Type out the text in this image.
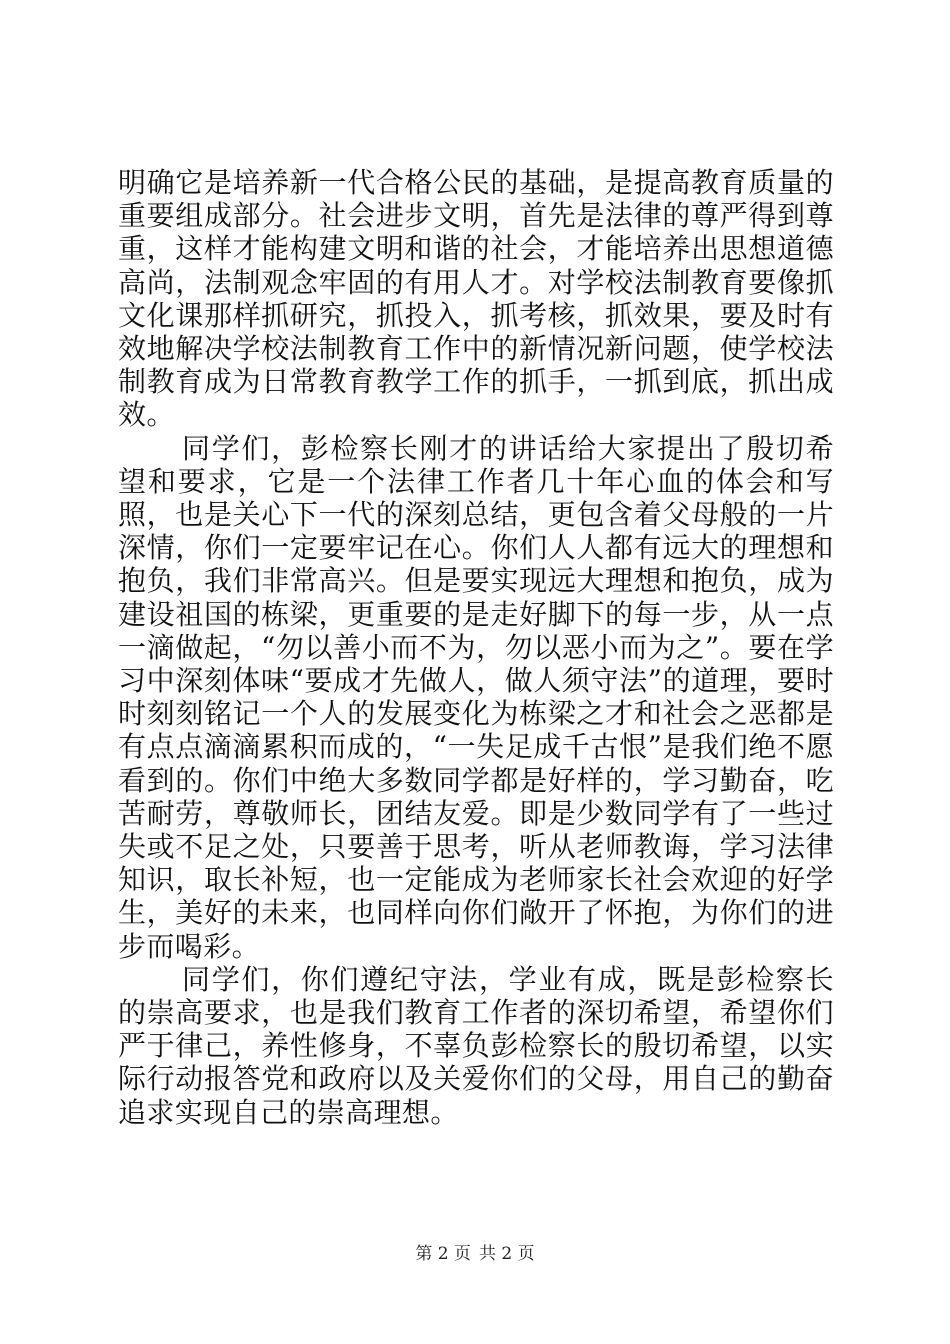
明确它是培养新一代合格公民的基础，是提高教育质量的重要组成部分。社会进步文明，首先是法律的尊严得到尊重，这样才能构建文明和谐的社会，才能培养出思想道德高尚，法制观念牢固的有用人才。对学校法制教育要像抓文化课那样抓研究，抓投入，抓考核，抓效果，要及时有效地解决学校法制教育工作中的新情况新问题，使学校法制教育成为日常教育教学工作的抓手，一抓到底，抓出成效。

同学们，彭检察长刚才的讲话给大家提出了殷切希望和要求，它是一个法律工作者几十年心血的体会和写照，也是关心下一代的深刻总结，更包含着父母般的一片深情，你们一定要牢记在心。你们人人都有远大的理想和抱负，我们非常高兴。但是要实现远大理想和抱负，成为建设祖国的栋梁，更重要的是走好脚下的每一步，从一点一滴做起，“勿以善小而不为，勿以恶小而为之”。要在学习中深刻体味“要成才先做人，做人须守法”的道理，要时时刻刻铭记一个人的发展变化为栋梁之才和社会之恶都是有点点滴滴累积而成的，“一失足成千古恨”是我们绝不愿看到的。你们中绝大多数同学都是好样的，学习勤奋，吃苦耐劳，尊敬师长，团结友爱。即是少数同学有了一些过失或不足之处，只要善于思考，听从老师教诲，学习法律知识，取长补短，也一定能成为老师家长社会欢迎的好学生，美好的未来，也同样向你们敞开了怀抱，为你们的进步而喝彩。

同学们，你们遵纪守法，学业有成，既是彭检察长的崇高要求，也是我们教育工作者的深切希望，希望你们严于律己，养性修身，不辜负彭检察长的殷切希望，以实际行动报答党和政府以及关爱你们的父母，用自己的勤奋追求实现自己的崇高理想。

第 2 页 共 2 页
